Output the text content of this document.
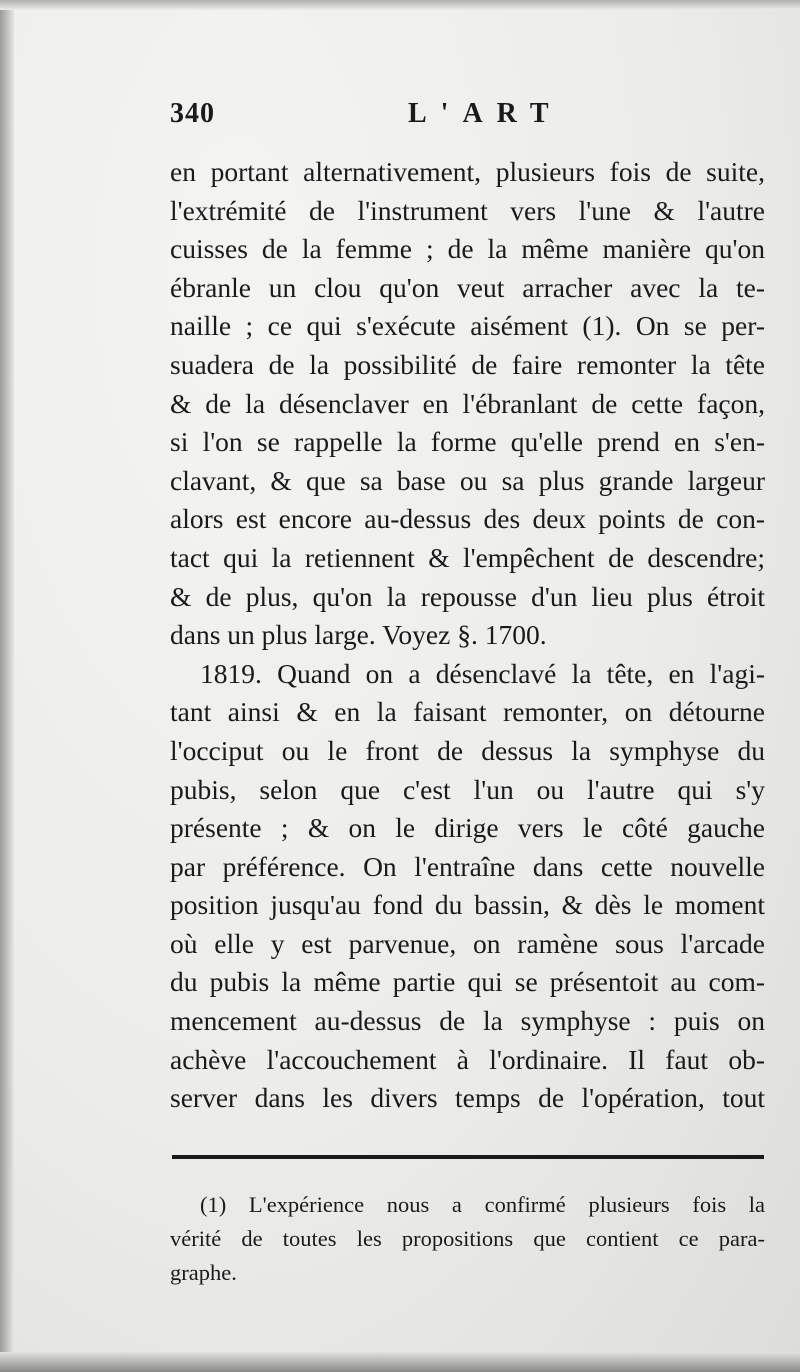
340	L'ART
en portant alternativement, plusieurs fois de suite,
l'extrémité de l'instrument vers l'une & l'autre
cuisses de la femme ; de la même manière qu'on
ébranle un clou qu'on veut arracher avec la te-
naille ; ce qui s'exécute aisément (1). On se per-
suadera de la possibilité de faire remonter la tête
& de la désenclaver en l'ébranlant de cette façon,
si l'on se rappelle la forme qu'elle prend en s'en-
clavant, & que sa base ou sa plus grande largeur
alors est encore au-dessus des deux points de con-
tact qui la retiennent & l'empêchent de descendre;
& de plus, qu'on la repousse d'un lieu plus étroit
dans un plus large. Voyez §. 1700.
1819. Quand on a désenclavé la tête, en l'agi-
tant ainsi & en la faisant remonter, on détourne
l'occiput ou le front de dessus la symphyse du
pubis, selon que c'est l'un ou l'autre qui s'y
présente ; & on le dirige vers le côté gauche
par préférence. On l'entraîne dans cette nouvelle
position jusqu'au fond du bassin, & dès le moment
où elle y est parvenue, on ramène sous l'arcade
du pubis la même partie qui se présentoit au com-
mencement au-dessus de la symphyse : puis on
achève l'accouchement à l'ordinaire. Il faut ob-
server dans les divers temps de l'opération, tout
(1) L'expérience nous a confirmé plusieurs fois la
vérité de toutes les propositions que contient ce para-
graphe.
